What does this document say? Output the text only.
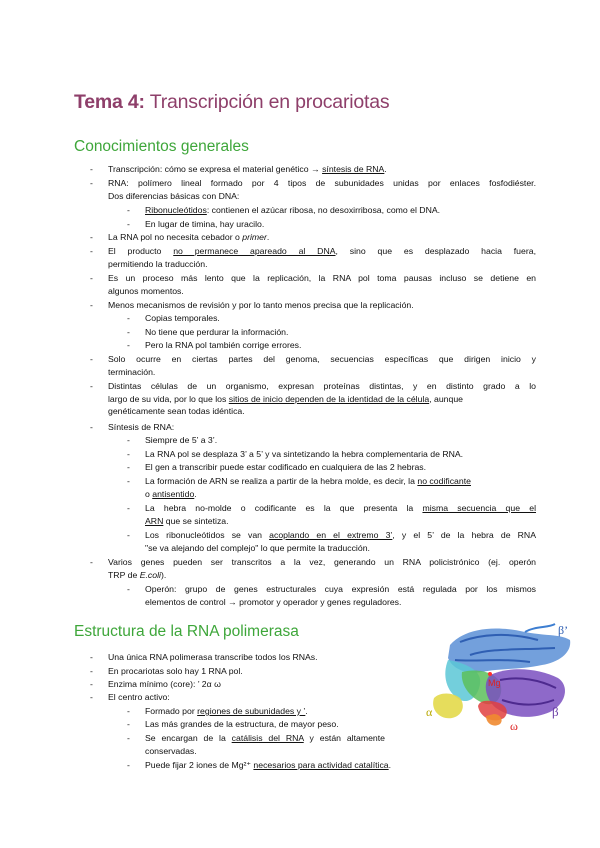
Tema 4: Transcripción en procariotas
Conocimientos generales
-	Transcripción: cómo se expresa el material genético → síntesis de RNA.
-	RNA: polímero lineal formado por 4 tipos de subunidades unidas por enlaces fosfodiéster.
Dos diferencias básicas con DNA:
-	Ribonucleótidos: contienen el azúcar ribosa, no desoxirribosa, como el DNA.
-	En lugar de timina, hay uracilo.
-	La RNA pol no necesita cebador o primer.
-	El producto no permanece apareado al DNA, sino que es desplazado hacia fuera,
permitiendo la traducción.
-	Es un proceso más lento que la replicación, la RNA pol toma pausas incluso se detiene en
algunos momentos.
-	Menos mecanismos de revisión y por lo tanto menos precisa que la replicación.
-	Copias temporales.
-	No tiene que perdurar la información.
-	Pero la RNA pol también corrige errores.
-	Solo ocurre en ciertas partes del genoma, secuencias específicas que dirigen inicio y
terminación.
-	Distintas células de un organismo, expresan proteínas distintas, y en distinto grado a lo
largo de su vida, por lo que los sitios de inicio dependen de la identidad de la célula, aunque
genéticamente sean todas idéntica.
-	Síntesis de RNA:
-	Siempre de 5’ a 3’.
-	La RNA pol se desplaza 3’ a 5’ y va sintetizando la hebra complementaria de RNA.
-	El gen a transcribir puede estar codificado en cualquiera de las 2 hebras.
-	La formación de ARN se realiza a partir de la hebra molde, es decir, la no codificante
o antisentido.
-	La hebra no-molde o codificante es la que presenta la misma secuencia que el
ARN que se sintetiza.
-	Los ribonucleótidos se van acoplando en el extremo 3’, y el 5’ de la hebra de RNA
"se va alejando del complejo" lo que permite la traducción.
-	Varios genes pueden ser transcritos a la vez, generando un RNA policistrónico (ej. operón
TRP de E.coli).
-	Operón: grupo de genes estructurales cuya expresión está regulada por los mismos
elementos de control → promotor y operador y genes reguladores.
Estructura de la RNA polimerasa
-	Una única RNA polimerasa transcribe todos los RNAs.
-	En procariotas solo hay 1 RNA pol.
-	Enzima mínimo (core): ’ 2α ω
-	El centro activo:
-	Formado por regiones de subunidades y ’.
-	Las más grandes de la estructura, de mayor peso.
-	Se encargan de la catálisis del RNA y están altamente
conservadas.
-	Puede fijar 2 iones de Mg²⁺ necesarios para actividad catalítica.
β’
Mg
α	β
ω
